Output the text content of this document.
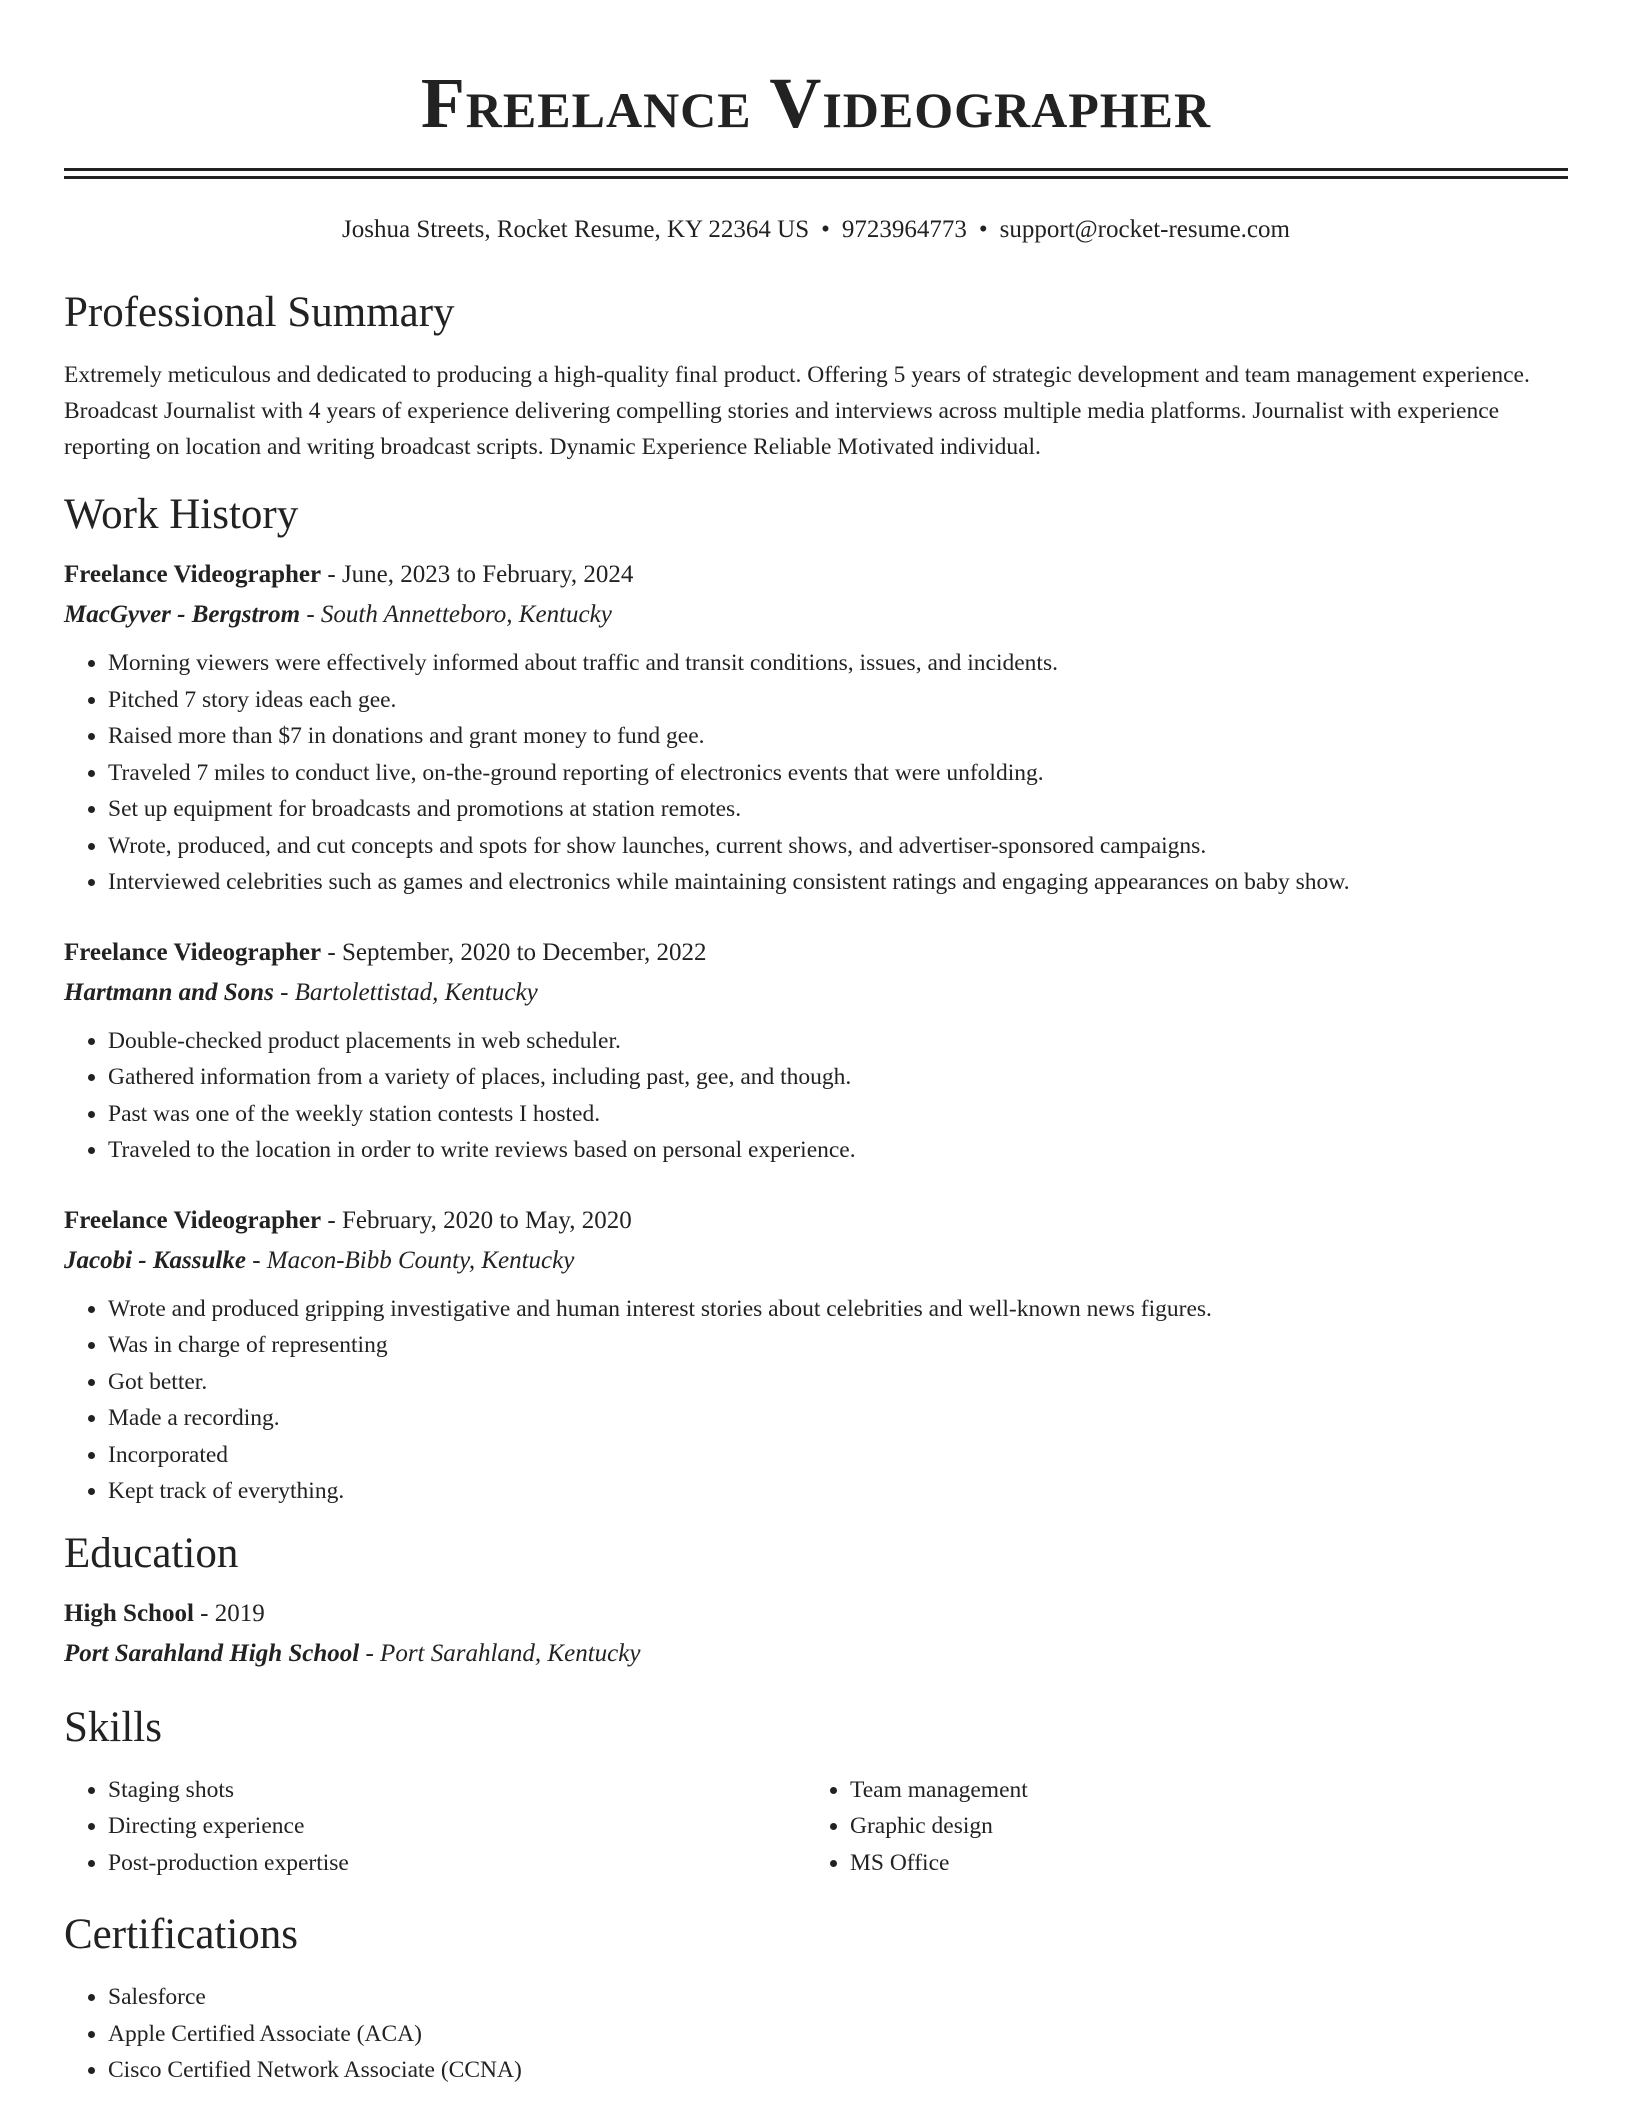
Freelance Videographer
Joshua Streets, Rocket Resume, KY 22364 US • 9723964773 • support@rocket-resume.com
Professional Summary
Extremely meticulous and dedicated to producing a high-quality final product. Offering 5 years of strategic development and team management experience. Broadcast Journalist with 4 years of experience delivering compelling stories and interviews across multiple media platforms. Journalist with experience reporting on location and writing broadcast scripts. Dynamic Experience Reliable Motivated individual.
Work History
Freelance Videographer - June, 2023 to February, 2024
MacGyver - Bergstrom - South Annetteboro, Kentucky
• Morning viewers were effectively informed about traffic and transit conditions, issues, and incidents.
• Pitched 7 story ideas each gee.
• Raised more than $7 in donations and grant money to fund gee.
• Traveled 7 miles to conduct live, on-the-ground reporting of electronics events that were unfolding.
• Set up equipment for broadcasts and promotions at station remotes.
• Wrote, produced, and cut concepts and spots for show launches, current shows, and advertiser-sponsored campaigns.
• Interviewed celebrities such as games and electronics while maintaining consistent ratings and engaging appearances on baby show.
Freelance Videographer - September, 2020 to December, 2022
Hartmann and Sons - Bartolettistad, Kentucky
• Double-checked product placements in web scheduler.
• Gathered information from a variety of places, including past, gee, and though.
• Past was one of the weekly station contests I hosted.
• Traveled to the location in order to write reviews based on personal experience.
Freelance Videographer - February, 2020 to May, 2020
Jacobi - Kassulke - Macon-Bibb County, Kentucky
• Wrote and produced gripping investigative and human interest stories about celebrities and well-known news figures.
• Was in charge of representing
• Got better.
• Made a recording.
• Incorporated
• Kept track of everything.
Education
High School - 2019
Port Sarahland High School - Port Sarahland, Kentucky
Skills
• Staging shots
• Directing experience
• Post-production expertise
• Team management
• Graphic design
• MS Office
Certifications
• Salesforce
• Apple Certified Associate (ACA)
• Cisco Certified Network Associate (CCNA)
